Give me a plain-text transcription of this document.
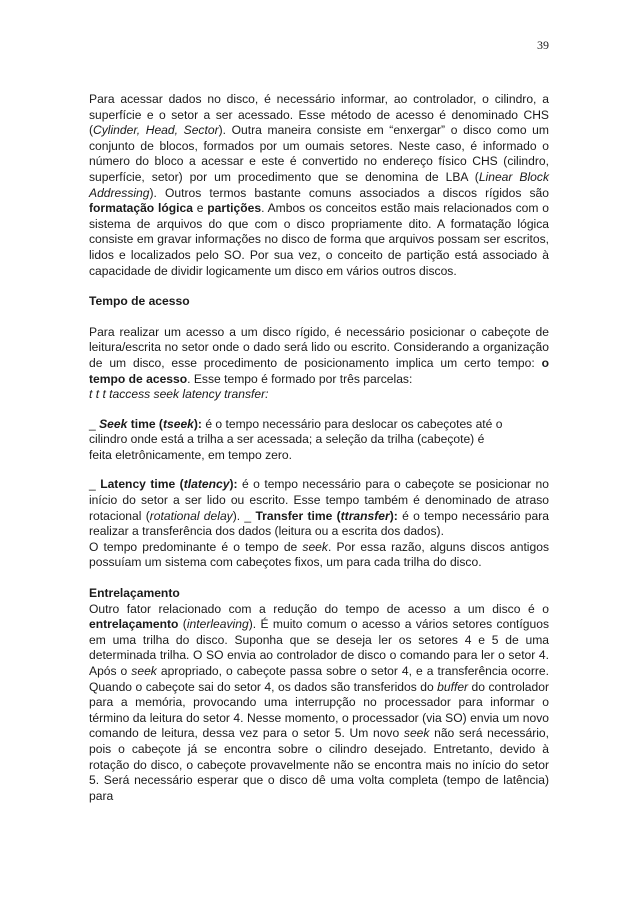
39

Para acessar dados no disco, é necessário informar, ao controlador, o cilindro, a superfície e o setor a ser acessado. Esse método de acesso é denominado CHS (Cylinder, Head, Sector). Outra maneira consiste em “enxergar” o disco como um conjunto de blocos, formados por um oumais setores. Neste caso, é informado o número do bloco a acessar e este é convertido no endereço físico CHS (cilindro, superfície, setor) por um procedimento que se denomina de LBA (Linear Block Addressing). Outros termos bastante comuns associados a discos rígidos são formatação lógica e partições. Ambos os conceitos estão mais relacionados com o sistema de arquivos do que com o disco propriamente dito. A formatação lógica consiste em gravar informações no disco de forma que arquivos possam ser escritos, lidos e localizados pelo SO. Por sua vez, o conceito de partição está associado à capacidade de dividir logicamente um disco em vários outros discos.

Tempo de acesso

Para realizar um acesso a um disco rígido, é necessário posicionar o cabeçote de leitura/escrita no setor onde o dado será lido ou escrito. Considerando a organização de um disco, esse procedimento de posicionamento implica um certo tempo: o tempo de acesso. Esse tempo é formado por três parcelas:
t t t taccess seek latency transfer:

_ Seek time (tseek): é o tempo necessário para deslocar os cabeçotes até o
cilindro onde está a trilha a ser acessada; a seleção da trilha (cabeçote) é
feita eletrônicamente, em tempo zero.

_ Latency time (tlatency): é o tempo necessário para o cabeçote se posicionar no início do setor a ser lido ou escrito. Esse tempo também é denominado de atraso rotacional (rotational delay). _ Transfer time (ttransfer): é o tempo necessário para realizar a transferência dos dados (leitura ou a escrita dos dados).

O tempo predominante é o tempo de seek. Por essa razão, alguns discos antigos possuíam um sistema com cabeçotes fixos, um para cada trilha do disco.

Entrelaçamento

Outro fator relacionado com a redução do tempo de acesso a um disco é o entrelaçamento (interleaving). É muito comum o acesso a vários setores contíguos em uma trilha do disco. Suponha que se deseja ler os setores 4 e 5 de uma determinada trilha. O SO envia ao controlador de disco o comando para ler o setor 4. Após o seek apropriado, o cabeçote passa sobre o setor 4, e a transferência ocorre. Quando o cabeçote sai do setor 4, os dados são transferidos do buffer do controlador para a memória, provocando uma interrupção no processador para informar o término da leitura do setor 4. Nesse momento, o processador (via SO) envia um novo comando de leitura, dessa vez para o setor 5. Um novo seek não será necessário, pois o cabeçote já se encontra sobre o cilindro desejado. Entretanto, devido à rotação do disco, o cabeçote provavelmente não se encontra mais no início do setor 5. Será necessário esperar que o disco dê uma volta completa (tempo de latência) para
